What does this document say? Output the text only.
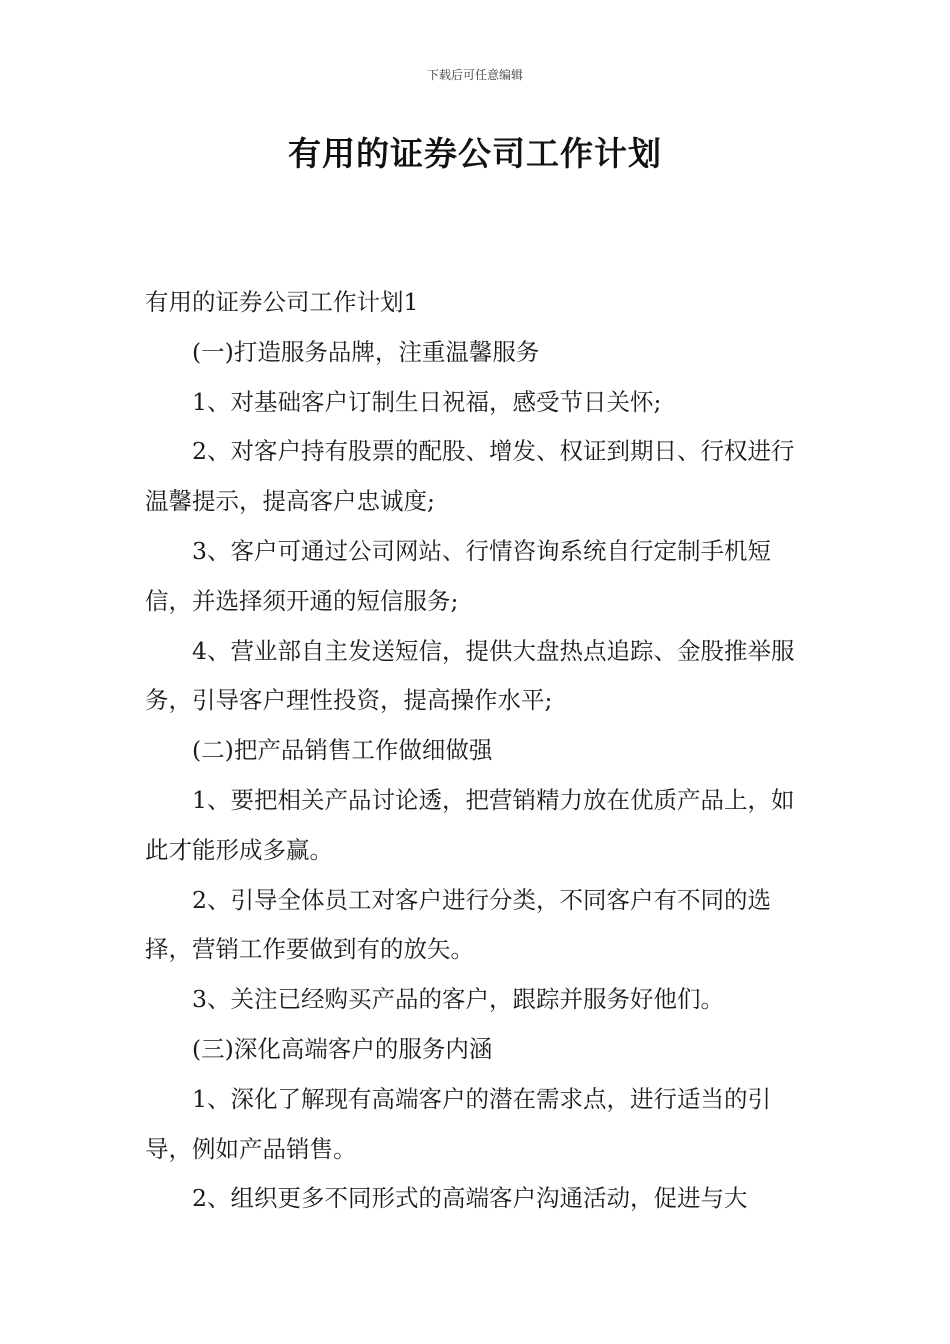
下载后可任意编辑
有用的证券公司工作计划

有用的证券公司工作计划1

(一)打造服务品牌，注重温馨服务

1、对基础客户订制生日祝福，感受节日关怀;

2、对客户持有股票的配股、增发、权证到期日、行权进行温馨提示，提高客户忠诚度;

3、客户可通过公司网站、行情咨询系统自行定制手机短信，并选择须开通的短信服务;

4、营业部自主发送短信，提供大盘热点追踪、金股推举服务，引导客户理性投资，提高操作水平;

(二)把产品销售工作做细做强

1、要把相关产品讨论透，把营销精力放在优质产品上，如此才能形成多赢。

2、引导全体员工对客户进行分类，不同客户有不同的选择，营销工作要做到有的放矢。

3、关注已经购买产品的客户，跟踪并服务好他们。

(三)深化高端客户的服务内涵

1、深化了解现有高端客户的潜在需求点，进行适当的引导，例如产品销售。

2、组织更多不同形式的高端客户沟通活动，促进与大
